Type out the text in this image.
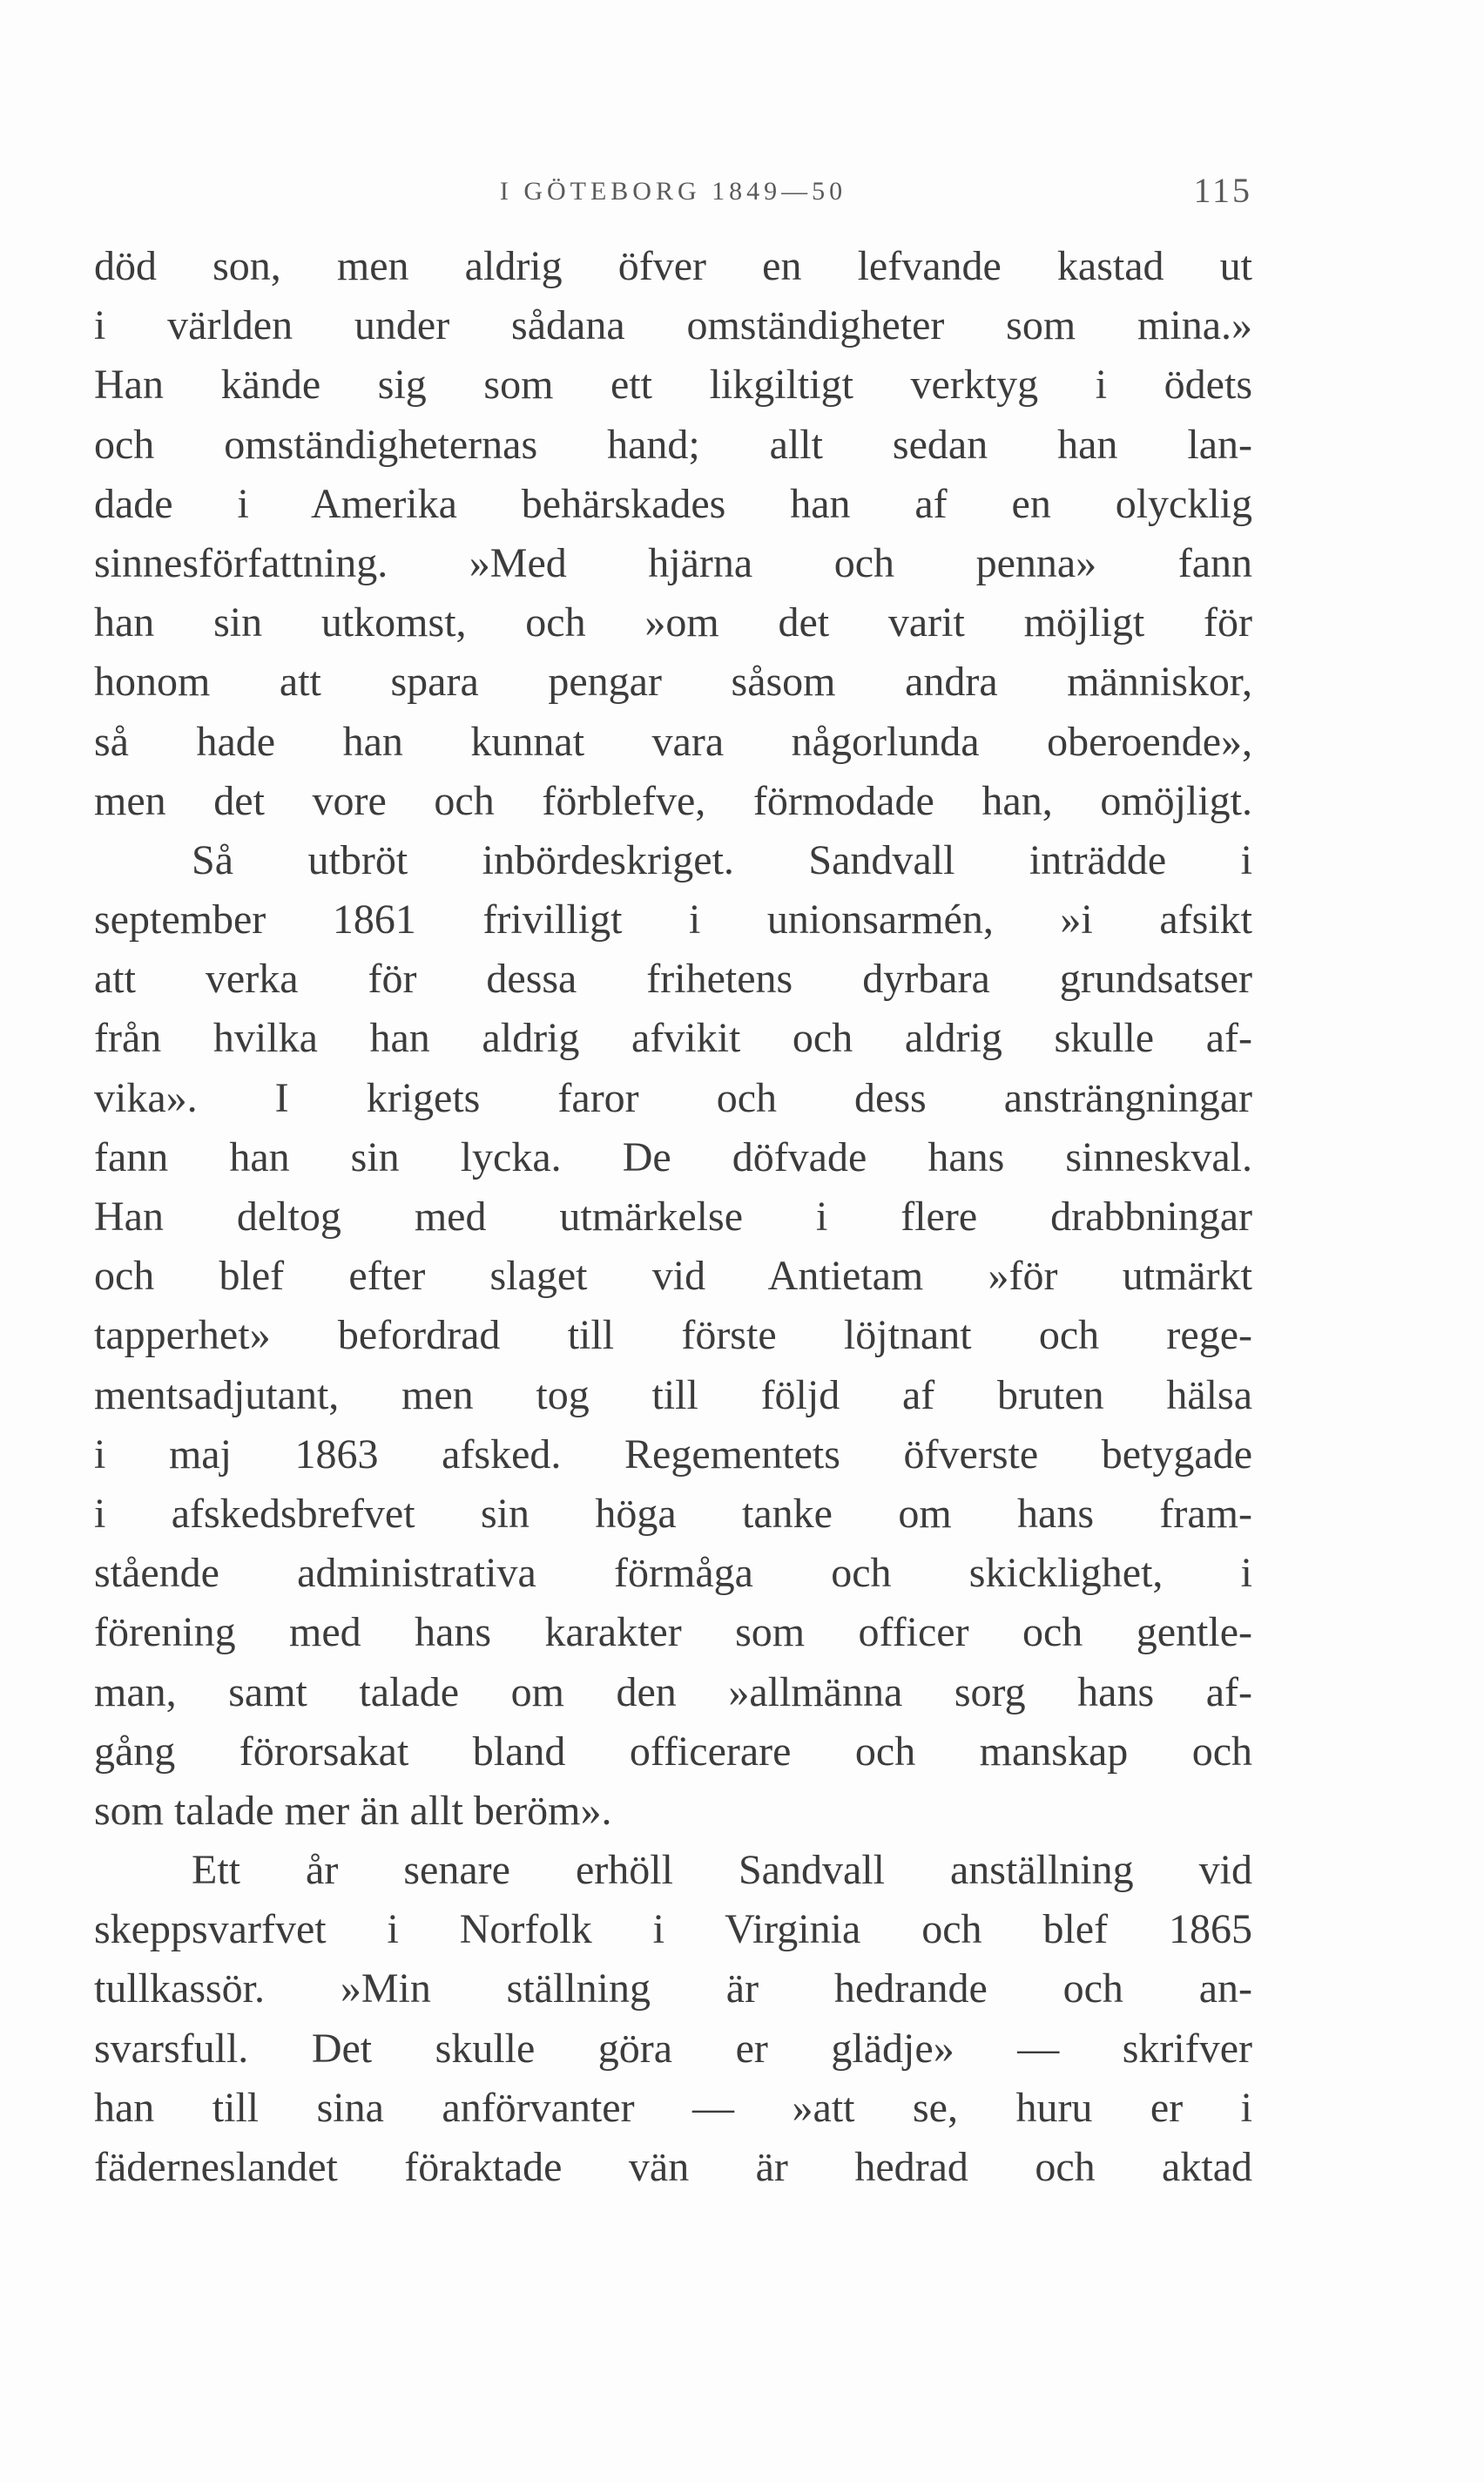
I GÖTEBORG 1849—50	115
död son, men aldrig öfver en lefvande kastad ut
i världen under sådana omständigheter som mina.»
Han kände sig som ett likgiltigt verktyg i ödets
och omständigheternas hand; allt sedan han lan-
dade i Amerika behärskades han af en olycklig
sinnesförfattning. »Med hjärna och penna» fann
han sin utkomst, och »om det varit möjligt för
honom att spara pengar såsom andra människor,
så hade han kunnat vara någorlunda oberoende»,
men det vore och förblefve, förmodade han, omöjligt.
Så utbröt inbördeskriget. Sandvall inträdde i
september 1861 frivilligt i unionsarmén, »i afsikt
att verka för dessa frihetens dyrbara grundsatser
från hvilka han aldrig afvikit och aldrig skulle af-
vika». I krigets faror och dess ansträngningar
fann han sin lycka. De döfvade hans sinneskval.
Han deltog med utmärkelse i flere drabbningar
och blef efter slaget vid Antietam »för utmärkt
tapperhet» befordrad till förste löjtnant och rege-
mentsadjutant, men tog till följd af bruten hälsa
i maj 1863 afsked. Regementets öfverste betygade
i afskedsbrefvet sin höga tanke om hans fram-
stående administrativa förmåga och skicklighet, i
förening med hans karakter som officer och gentle-
man, samt talade om den »allmänna sorg hans af-
gång förorsakat bland officerare och manskap och
som talade mer än allt beröm».
Ett år senare erhöll Sandvall anställning vid
skeppsvarfvet i Norfolk i Virginia och blef 1865
tullkassör. »Min ställning är hedrande och an-
svarsfull. Det skulle göra er glädje» — skrifver
han till sina anförvanter — »att se, huru er i
fäderneslandet föraktade vän är hedrad och aktad
